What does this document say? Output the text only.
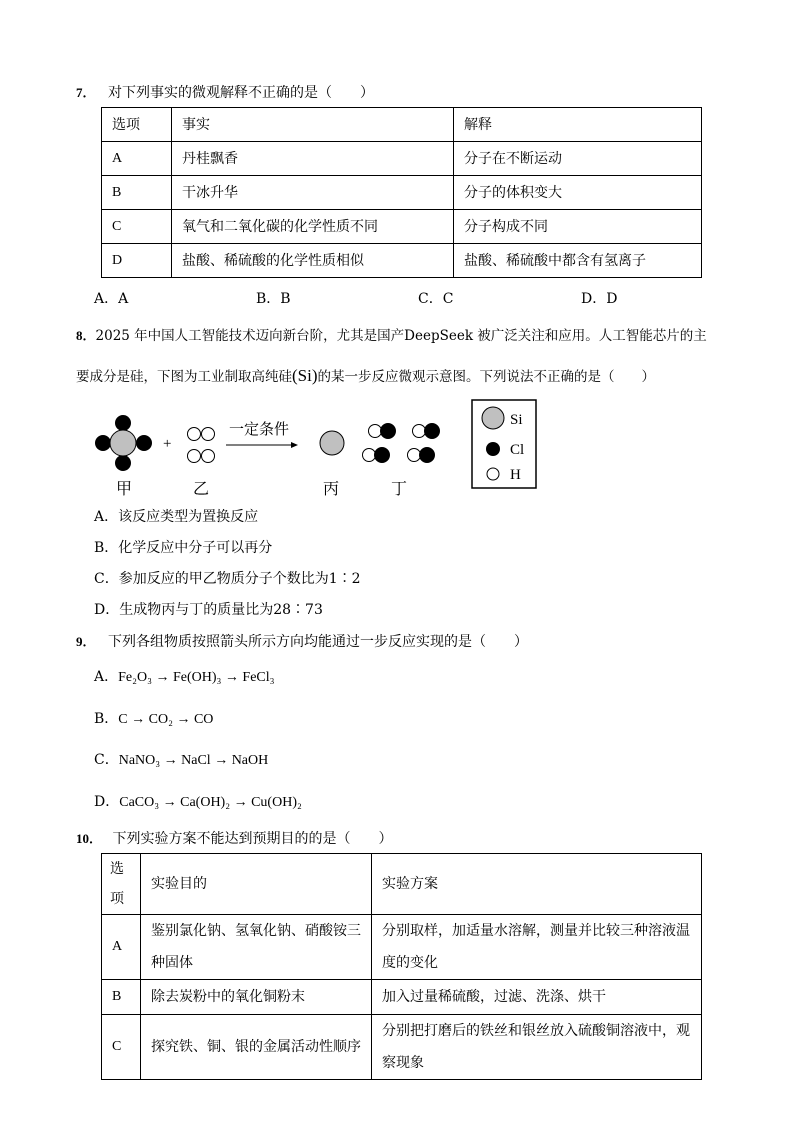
7． 对下列事实的微观解释不正确的是（　　）
选项	事实	解释
A	丹桂飘香	分子在不断运动
B	干冰升华	分子的体积变大
C	氧气和二氧化碳的化学性质不同	分子构成不同
D	盐酸、稀硫酸的化学性质相似	盐酸、稀硫酸中都含有氢离子
A．A	B．B	C．C	D．D
8．2025 年中国人工智能技术迈向新台阶，尤其是国产DeepSeek 被广泛关注和应用。人工智能芯片的主
要成分是硅，下图为工业制取高纯硅(Si)的某一步反应微观示意图。下列说法不正确的是（　　）
+
一定条件
甲	乙	丙	丁
Si
Cl
H
A．该反应类型为置换反应
B．化学反应中分子可以再分
C．参加反应的甲乙物质分子个数比为1∶2
D．生成物丙与丁的质量比为28∶73
9． 下列各组物质按照箭头所示方向均能通过一步反应实现的是（　　）
A．Fe₂O₃ → Fe(OH)₃ → FeCl₃
B．C → CO₂ → CO
C．NaNO₃ → NaCl → NaOH
D．CaCO₃ → Ca(OH)₂ → Cu(OH)₂
10． 下列实验方案不能达到预期目的的是（　　）
选项	实验目的	实验方案
A	鉴别氯化钠、氢氧化钠、硝酸铵三种固体	分别取样，加适量水溶解，测量并比较三种溶液温度的变化
B	除去炭粉中的氧化铜粉末	加入过量稀硫酸，过滤、洗涤、烘干
C	探究铁、铜、银的金属活动性顺序	分别把打磨后的铁丝和银丝放入硫酸铜溶液中，观察现象
